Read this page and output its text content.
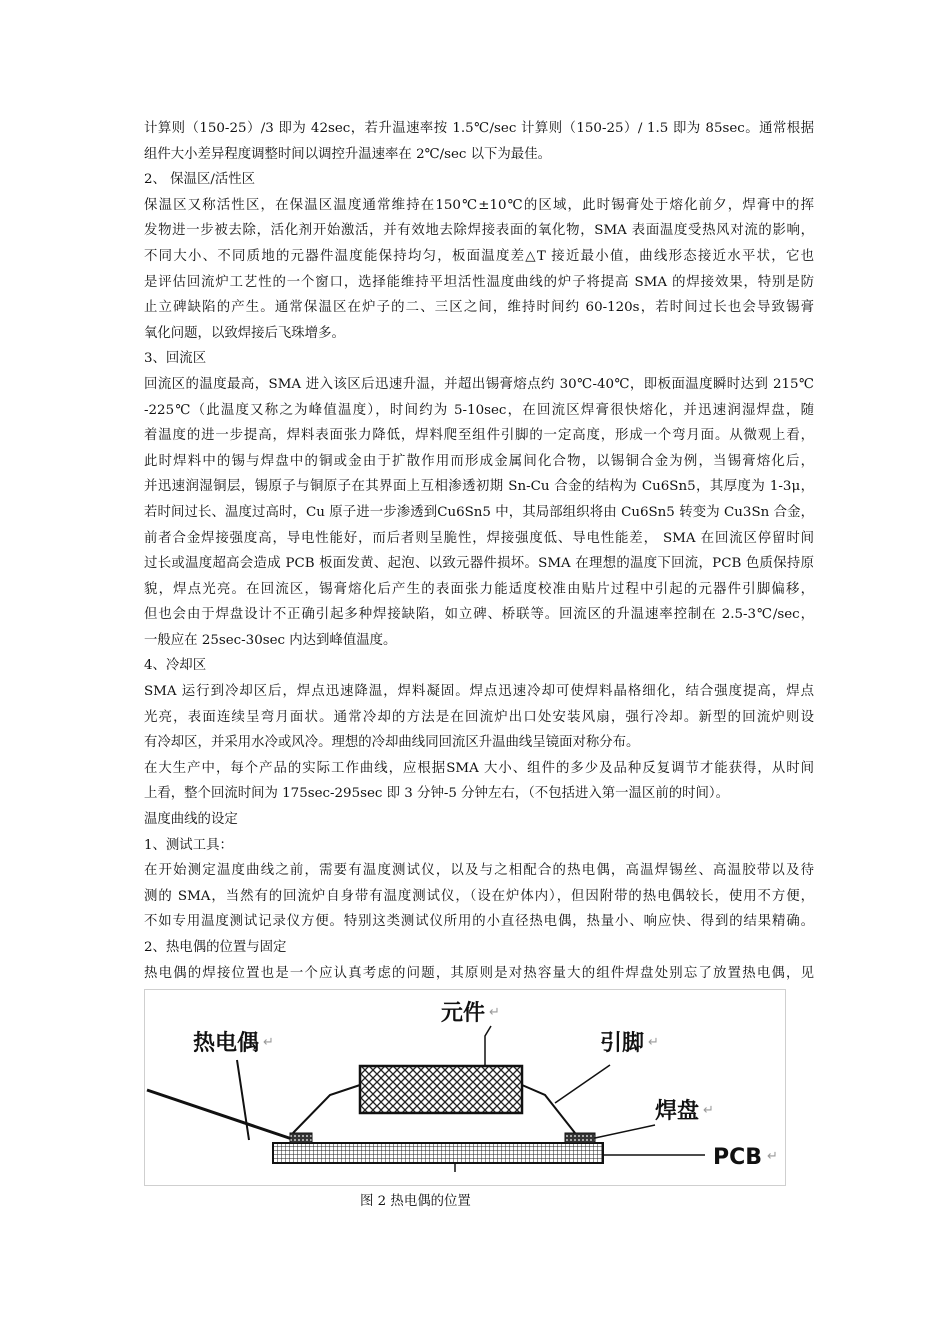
计算则（150-25）/3 即为 42sec，若升温速率按 1.5℃/sec 计算则（150-25）/ 1.5 即为 85sec。通常根据
组件大小差异程度调整时间以调控升温速率在 2℃/sec 以下为最佳。
2、 保温区/活性区
保温区又称活性区，在保温区温度通常维持在150℃±10℃的区域，此时锡膏处于熔化前夕，焊膏中的挥
发物进一步被去除，活化剂开始激活，并有效地去除焊接表面的氧化物，SMA 表面温度受热风对流的影响，
不同大小、不同质地的元器件温度能保持均匀，板面温度差△T 接近最小值，曲线形态接近水平状，它也
是评估回流炉工艺性的一个窗口，选择能维持平坦活性温度曲线的炉子将提高 SMA 的焊接效果，特别是防
止立碑缺陷的产生。通常保温区在炉子的二、三区之间，维持时间约 60-120s，若时间过长也会导致锡膏
氧化问题，以致焊接后飞珠增多。
3、回流区
回流区的温度最高，SMA 进入该区后迅速升温，并超出锡膏熔点约 30℃-40℃，即板面温度瞬时达到 215℃
-225℃（此温度又称之为峰值温度），时间约为 5-10sec，在回流区焊膏很快熔化，并迅速润湿焊盘，随
着温度的进一步提高，焊料表面张力降低，焊料爬至组件引脚的一定高度，形成一个弯月面。从微观上看，
此时焊料中的锡与焊盘中的铜或金由于扩散作用而形成金属间化合物，以锡铜合金为例，当锡膏熔化后，
并迅速润湿铜层，锡原子与铜原子在其界面上互相渗透初期 Sn-Cu 合金的结构为 Cu6Sn5，其厚度为 1-3μ，
若时间过长、温度过高时，Cu 原子进一步渗透到Cu6Sn5 中，其局部组织将由 Cu6Sn5 转变为 Cu3Sn 合金，
前者合金焊接强度高，导电性能好，而后者则呈脆性，焊接强度低、导电性能差， SMA 在回流区停留时间
过长或温度超高会造成 PCB 板面发黄、起泡、以致元器件损坏。SMA 在理想的温度下回流，PCB 色质保持原
貌，焊点光亮。在回流区，锡膏熔化后产生的表面张力能适度校准由贴片过程中引起的元器件引脚偏移，
但也会由于焊盘设计不正确引起多种焊接缺陷，如立碑、桥联等。回流区的升温速率控制在 2.5-3℃/sec，
一般应在 25sec-30sec 内达到峰值温度。
4、冷却区
SMA 运行到冷却区后，焊点迅速降温，焊料凝固。焊点迅速冷却可使焊料晶格细化，结合强度提高，焊点
光亮，表面连续呈弯月面状。通常冷却的方法是在回流炉出口处安装风扇，强行冷却。新型的回流炉则设
有冷却区，并采用水冷或风冷。理想的冷却曲线同回流区升温曲线呈镜面对称分布。
在大生产中，每个产品的实际工作曲线，应根据SMA 大小、组件的多少及品种反复调节才能获得，从时间
上看，整个回流时间为 175sec-295sec 即 3 分钟-5 分钟左右，（不包括进入第一温区前的时间）。
温度曲线的设定
1、测试工具：
在开始测定温度曲线之前，需要有温度测试仪，以及与之相配合的热电偶，高温焊锡丝、高温胶带以及待
测的 SMA，当然有的回流炉自身带有温度测试仪，（设在炉体内），但因附带的热电偶较长，使用不方便，
不如专用温度测试记录仪方便。特别这类测试仪所用的小直径热电偶，热量小、响应快、得到的结果精确。
2、热电偶的位置与固定
热电偶的焊接位置也是一个应认真考虑的问题，其原则是对热容量大的组件焊盘处别忘了放置热电偶，见
热电偶 ↵
元件 ↵
引脚 ↵
焊盘 ↵
PCB ↵
图 2 热电偶的位置
